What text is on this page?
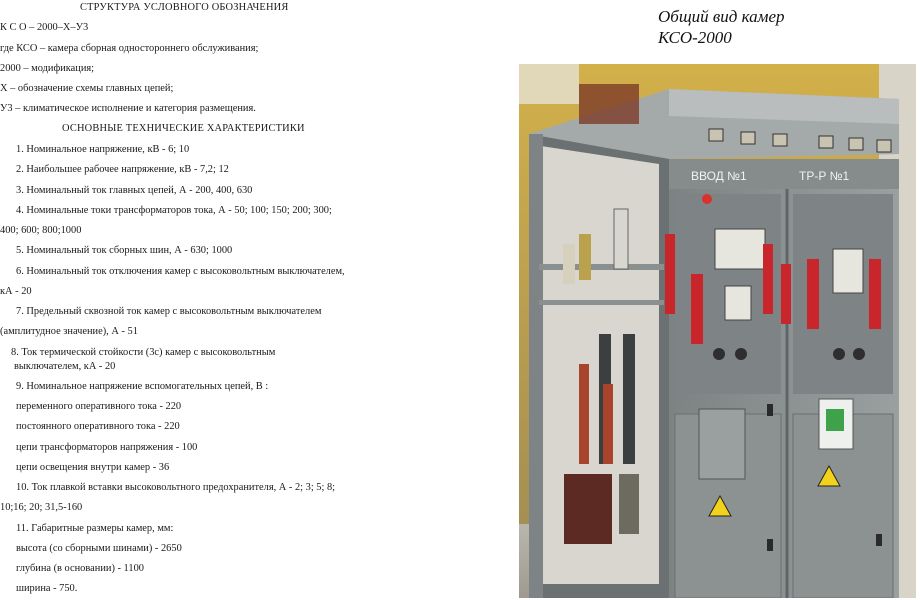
СТРУКТУРА УСЛОВНОГО ОБОЗНАЧЕНИЯ
К С О – 2000–Х–У3
где КСО – камера сборная одностороннего обслуживания;
2000 – модификация;
Х – обозначение схемы главных цепей;
У3 – климатическое исполнение и категория размещения.
ОСНОВНЫЕ ТЕХНИЧЕСКИЕ ХАРАКТЕРИСТИКИ
1. Номинальное напряжение, кВ - 6; 10
2. Наибольшее рабочее напряжение, кВ - 7,2; 12
3. Номинальный ток главных цепей, А - 200, 400, 630
4. Номинальные токи трансформаторов тока, А - 50; 100; 150; 200; 300;
400; 600; 800;1000
5. Номинальный ток сборных шин, А - 630; 1000
6. Номинальный ток отключения камер с высоковольтным выключателем,
кА - 20
7. Предельный сквозной ток камер с высоковольтным выключателем
(амплитудное значение), А - 51
8. Ток термической стойкости (3с) камер с высоковольтным
выключателем, кА - 20
9. Номинальное напряжение вспомогательных цепей, В :
переменного оперативного тока - 220
постоянного оперативного тока - 220
цепи трансформаторов напряжения - 100
цепи освещения внутри камер - 36
10. Ток плавкой вставки высоковольтного предохранителя, А - 2; 3; 5; 8;
10;16; 20; 31,5-160
11. Габаритные размеры камер, мм:
высота (со сборными шинами) - 2650
глубина (в основании) - 1100
ширина - 750.
Общий вид камер
КСО-2000
ВВОД №1	ТР-Р №1
